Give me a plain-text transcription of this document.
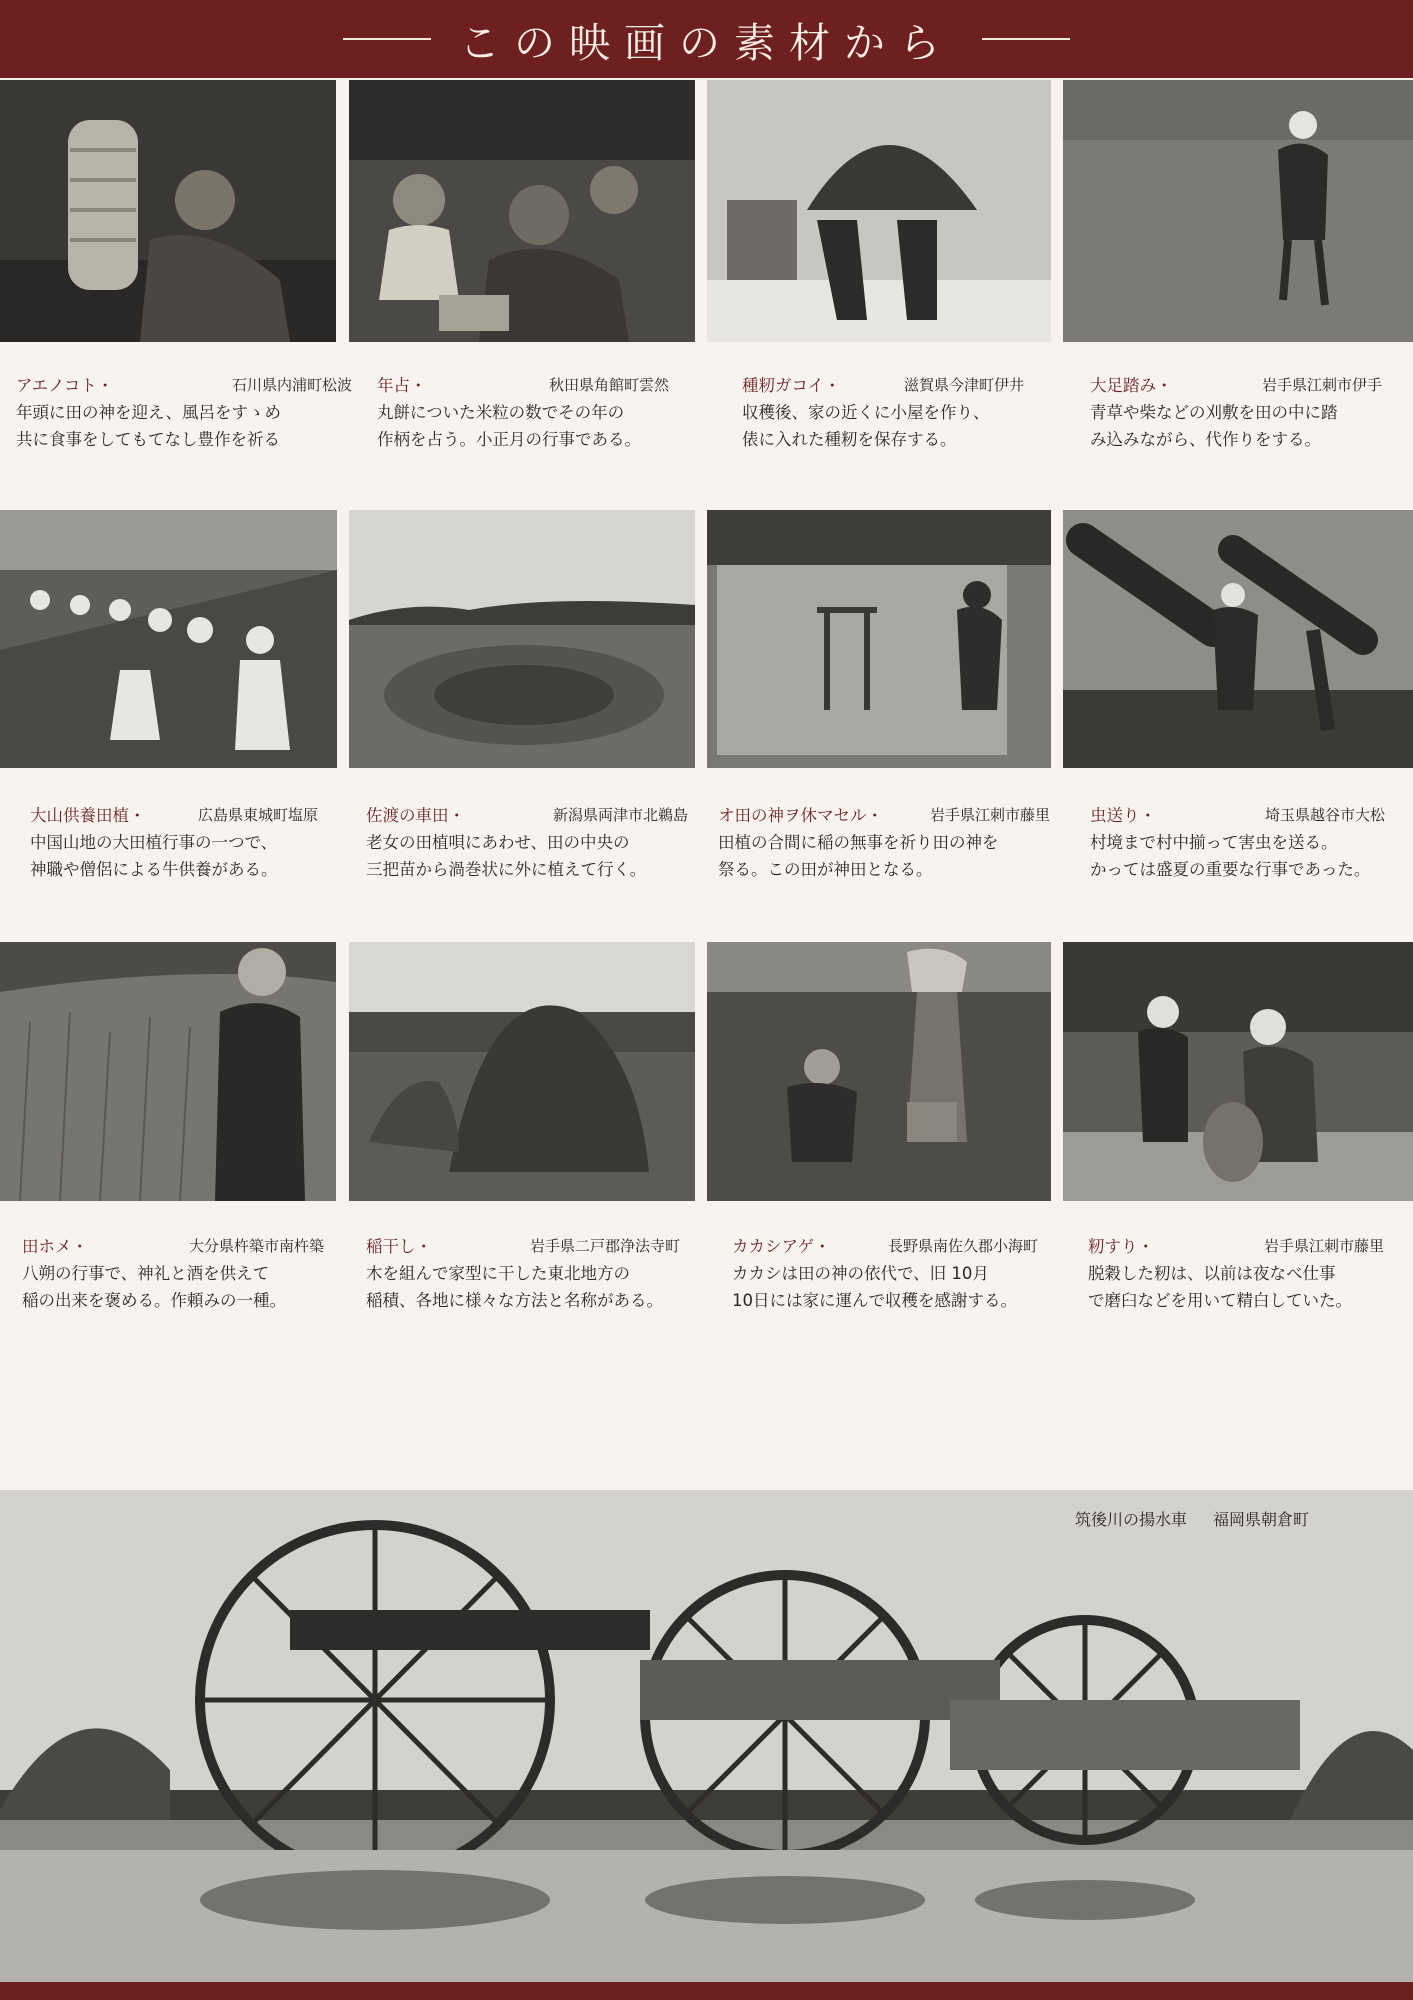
この映画の素材から
アエノコト・	石川県内浦町松波
年頭に田の神を迎え、風呂をすゝめ
共に食事をしてもてなし豊作を祈る
年占・	秋田県角館町雲然
丸餅についた米粒の数でその年の
作柄を占う。小正月の行事である。
種籾ガコイ・	滋賀県今津町伊井
収穫後、家の近くに小屋を作り、
俵に入れた種籾を保存する。
大足踏み・	岩手県江刺市伊手
青草や柴などの刈敷を田の中に踏
み込みながら、代作りをする。
大山供養田植・	広島県東城町塩原
中国山地の大田植行事の一つで、
神職や僧侶による牛供養がある。
佐渡の車田・	新潟県両津市北鵜島
老女の田植唄にあわせ、田の中央の
三把苗から渦巻状に外に植えて行く。
オ田の神ヲ休マセル・	岩手県江刺市藤里
田植の合間に稲の無事を祈り田の神を
祭る。この田が神田となる。
虫送り・	埼玉県越谷市大松
村境まで村中揃って害虫を送る。
かっては盛夏の重要な行事であった。
田ホメ・	大分県杵築市南杵築
八朔の行事で、神礼と酒を供えて
稲の出来を褒める。作頼みの一種。
稲干し・	岩手県二戸郡浄法寺町
木を組んで家型に干した東北地方の
稲積、各地に様々な方法と名称がある。
カカシアゲ・	長野県南佐久郡小海町
カカシは田の神の依代で、旧 10月
10日には家に運んで収穫を感謝する。
籾すり・	岩手県江刺市藤里
脱穀した籾は、以前は夜なべ仕事
で磨臼などを用いて精白していた。
筑後川の揚水車 福岡県朝倉町
